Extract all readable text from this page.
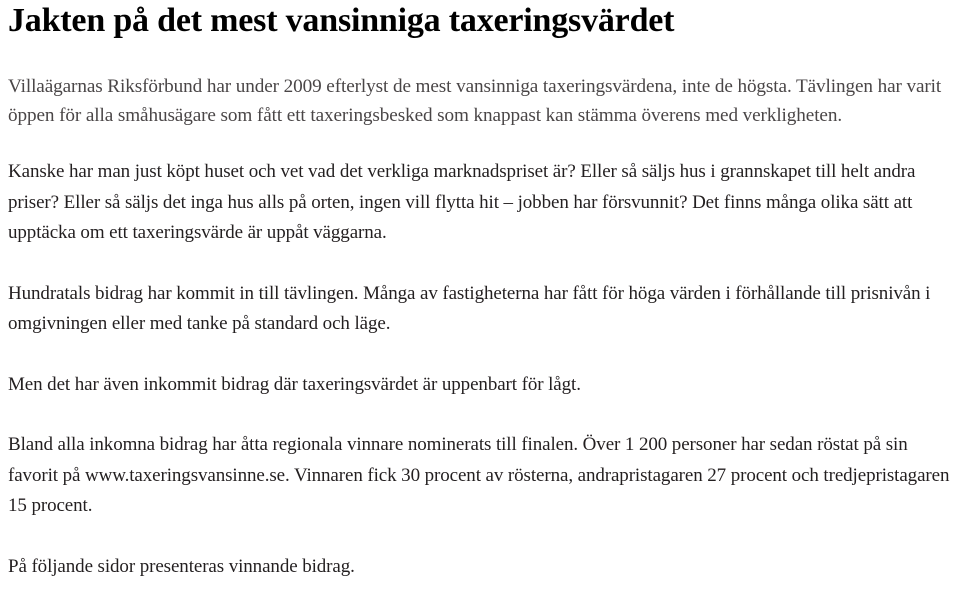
Jakten på det mest vansinniga taxeringsvärdet

Villaägarnas Riksförbund har under 2009 efterlyst de mest vansinniga taxeringsvärdena, inte de högsta. Tävlingen har varit öppen för alla småhusägare som fått ett taxeringsbesked som knappast kan stämma överens med verkligheten.

Kanske har man just köpt huset och vet vad det verkliga marknadspriset är? Eller så säljs hus i grannskapet till helt andra priser? Eller så säljs det inga hus alls på orten, ingen vill flytta hit – jobben har försvunnit? Det finns många olika sätt att upptäcka om ett taxeringsvärde är uppåt väggarna.

Hundratals bidrag har kommit in till tävlingen. Många av fastigheterna har fått för höga värden i förhållande till prisnivån i omgivningen eller med tanke på standard och läge.

Men det har även inkommit bidrag där taxeringsvärdet är uppenbart för lågt.

Bland alla inkomna bidrag har åtta regionala vinnare nominerats till finalen. Över 1 200 personer har sedan röstat på sin favorit på www.taxeringsvansinne.se. Vinnaren fick 30 procent av rösterna, andrapristagaren 27 procent och tredjepristagaren 15 procent.

På följande sidor presenteras vinnande bidrag.
